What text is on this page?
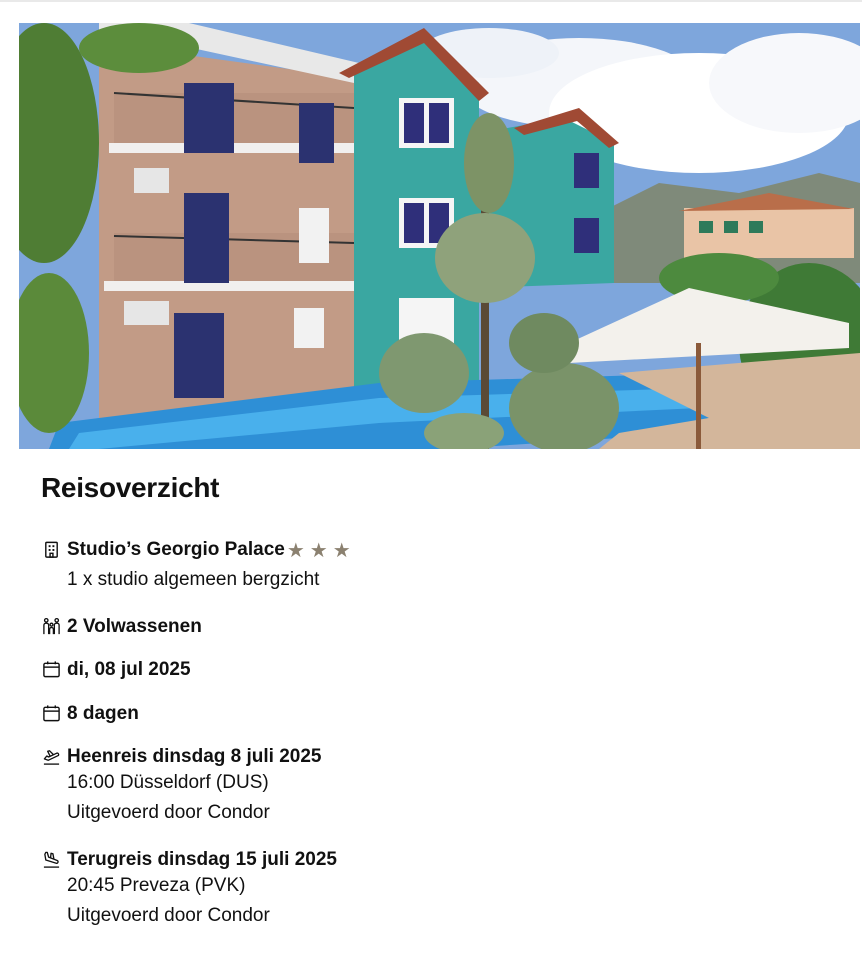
Reisoverzicht
Studio’s Georgio Palace ★ ★ ★
1 x studio algemeen bergzicht
2 Volwassenen
di, 08 jul 2025
8 dagen
Heenreis dinsdag 8 juli 2025
16:00 Düsseldorf (DUS)
Uitgevoerd door Condor
Terugreis dinsdag 15 juli 2025
20:45 Preveza (PVK)
Uitgevoerd door Condor
